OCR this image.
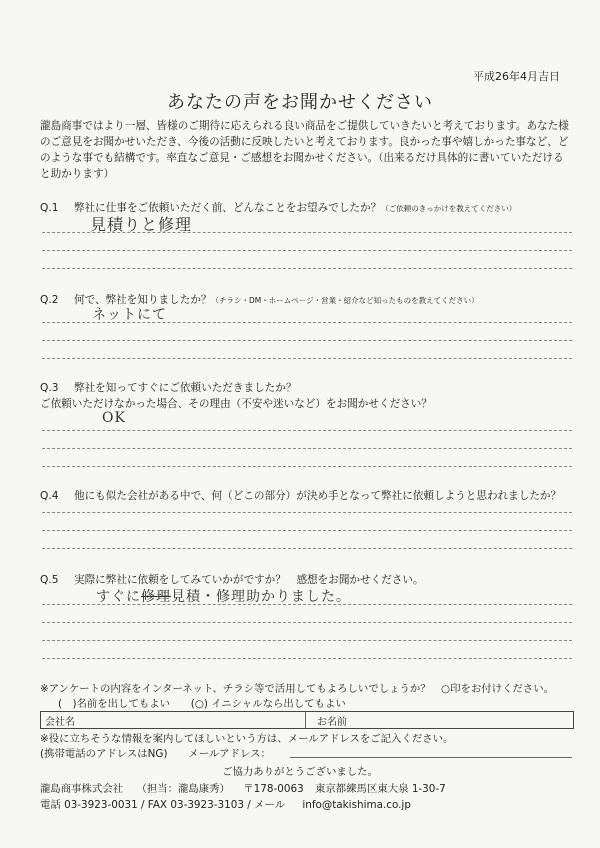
平成26年4月吉日
あなたの声をお聞かせください
瀧島商事ではより一層、皆様のご期待に応えられる良い商品をご提供していきたいと考えております。あなた様
のご意見をお聞かせいただき、今後の活動に反映したいと考えております。良かった事や嬉しかった事など、ど
のような事でも結構です。率直なご意見・ご感想をお聞かせください。（出来るだけ具体的に書いていただける
と助かります）
Q.1 弊社に仕事をご依頼いただく前、どんなことをお望みでしたか？（ご依頼のきっかけを教えてください）
見積りと修理
Q.2 何で、弊社を知りましたか？（チラシ・DM・ホームページ・営業・紹介など知ったものを教えてください）
ネットにて
Q.3 弊社を知ってすぐにご依頼いただきましたか？
ご依頼いただけなかった場合、その理由（不安や迷いなど）をお聞かせください？
OK
Q.4 他にも似た会社がある中で、何（どこの部分）が決め手となって弊社に依頼しようと思われましたか？
Q.5 実際に弊社に依頼をしてみていかがですか？　感想をお聞かせください。
すぐに修理見積・修理助かりました。
※アンケートの内容をインターネット、チラシ等で活用してもよろしいでしょうか？　○印をお付けください。
(　)名前を出してもよい　　(○) イニシャルなら出してもよい
会社名	お名前
※役に立ちそうな情報を案内してほしいという方は、メールアドレスをご記入ください。
(携帯電話のアドレスはNG)　　メールアドレス：
ご協力ありがとうございました。
瀧島商事株式会社 （担当：瀧島康秀） 〒178-0063 東京都練馬区東大泉 1-30-7
電話 03-3923-0031 / FAX 03-3923-3103 / メール info@takishima.co.jp
